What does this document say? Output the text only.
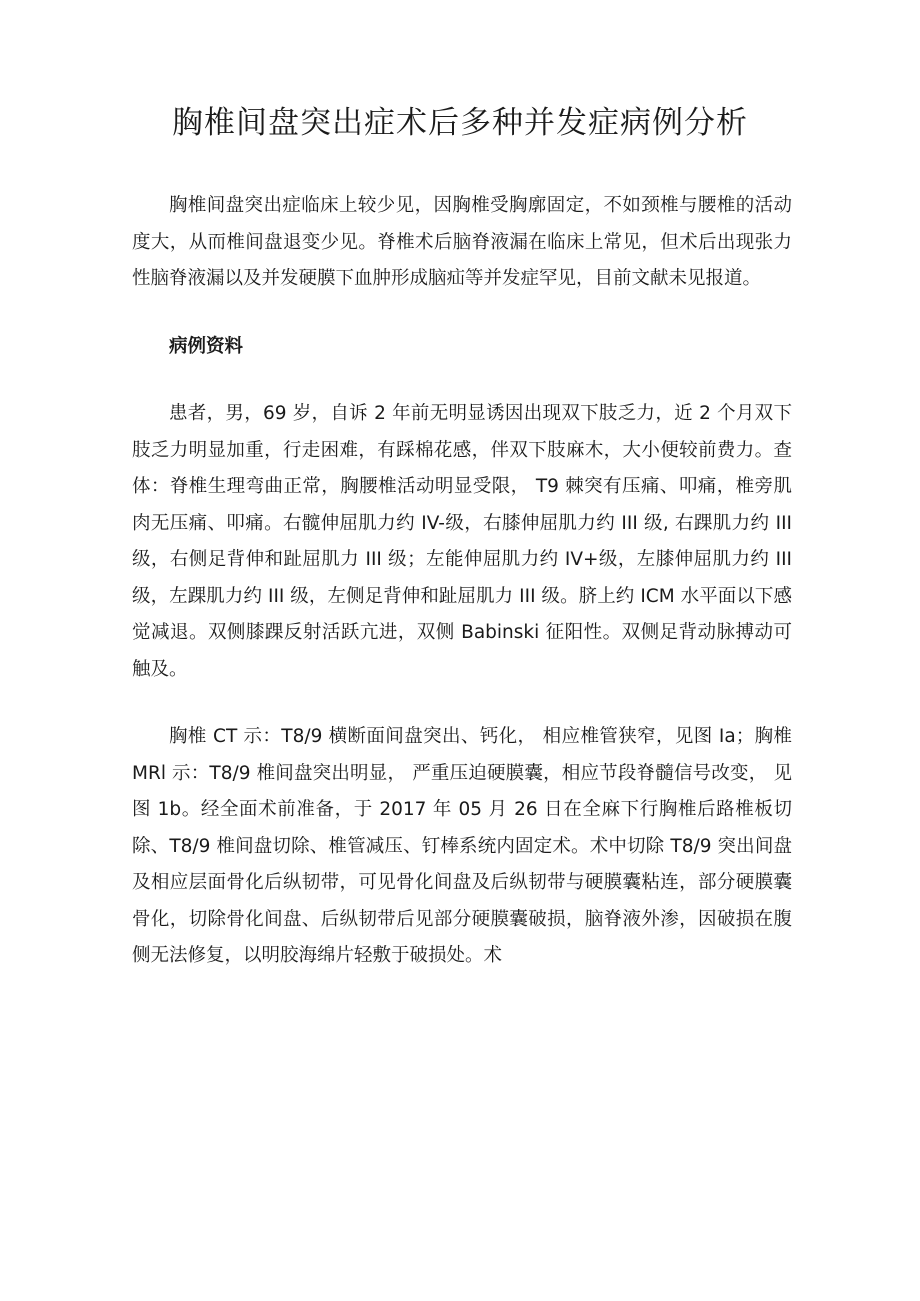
胸椎间盘突出症术后多种并发症病例分析

胸椎间盘突出症临床上较少见，因胸椎受胸廓固定，不如颈椎与腰椎的活动度大，从而椎间盘退变少见。脊椎术后脑脊液漏在临床上常见，但术后出现张力性脑脊液漏以及并发硬膜下血肿形成脑疝等并发症罕见，目前文献未见报道。

病例资料

患者，男，69 岁，自诉 2 年前无明显诱因出现双下肢乏力，近 2 个月双下肢乏力明显加重，行走困难，有踩棉花感，伴双下肢麻木，大小便较前费力。查体：脊椎生理弯曲正常，胸腰椎活动明显受限， T9 棘突有压痛、叩痛，椎旁肌肉无压痛、叩痛。右髋伸屈肌力约 IV-级，右膝伸屈肌力约 III 级, 右踝肌力约 III 级，右侧足背伸和趾屈肌力 III 级；左能伸屈肌力约 IV+级，左膝伸屈肌力约 III 级，左踝肌力约 III 级，左侧足背伸和趾屈肌力 III 级。脐上约 ICM 水平面以下感觉减退。双侧膝踝反射活跃亢进，双侧 Babinski 征阳性。双侧足背动脉搏动可触及。

胸椎 CT 示：T8/9 横断面间盘突出、钙化， 相应椎管狭窄，见图 Ia；胸椎 MRl 示：T8/9 椎间盘突出明显， 严重压迫硬膜囊，相应节段脊髓信号改变， 见图 1b。经全面术前准备，于 2017 年 05 月 26 日在全麻下行胸椎后路椎板切除、T8/9 椎间盘切除、椎管减压、钉棒系统内固定术。术中切除 T8/9 突出间盘及相应层面骨化后纵韧带，可见骨化间盘及后纵韧带与硬膜囊粘连，部分硬膜囊骨化，切除骨化间盘、后纵韧带后见部分硬膜囊破损，脑脊液外渗，因破损在腹侧无法修复，以明胶海绵片轻敷于破损处。术
